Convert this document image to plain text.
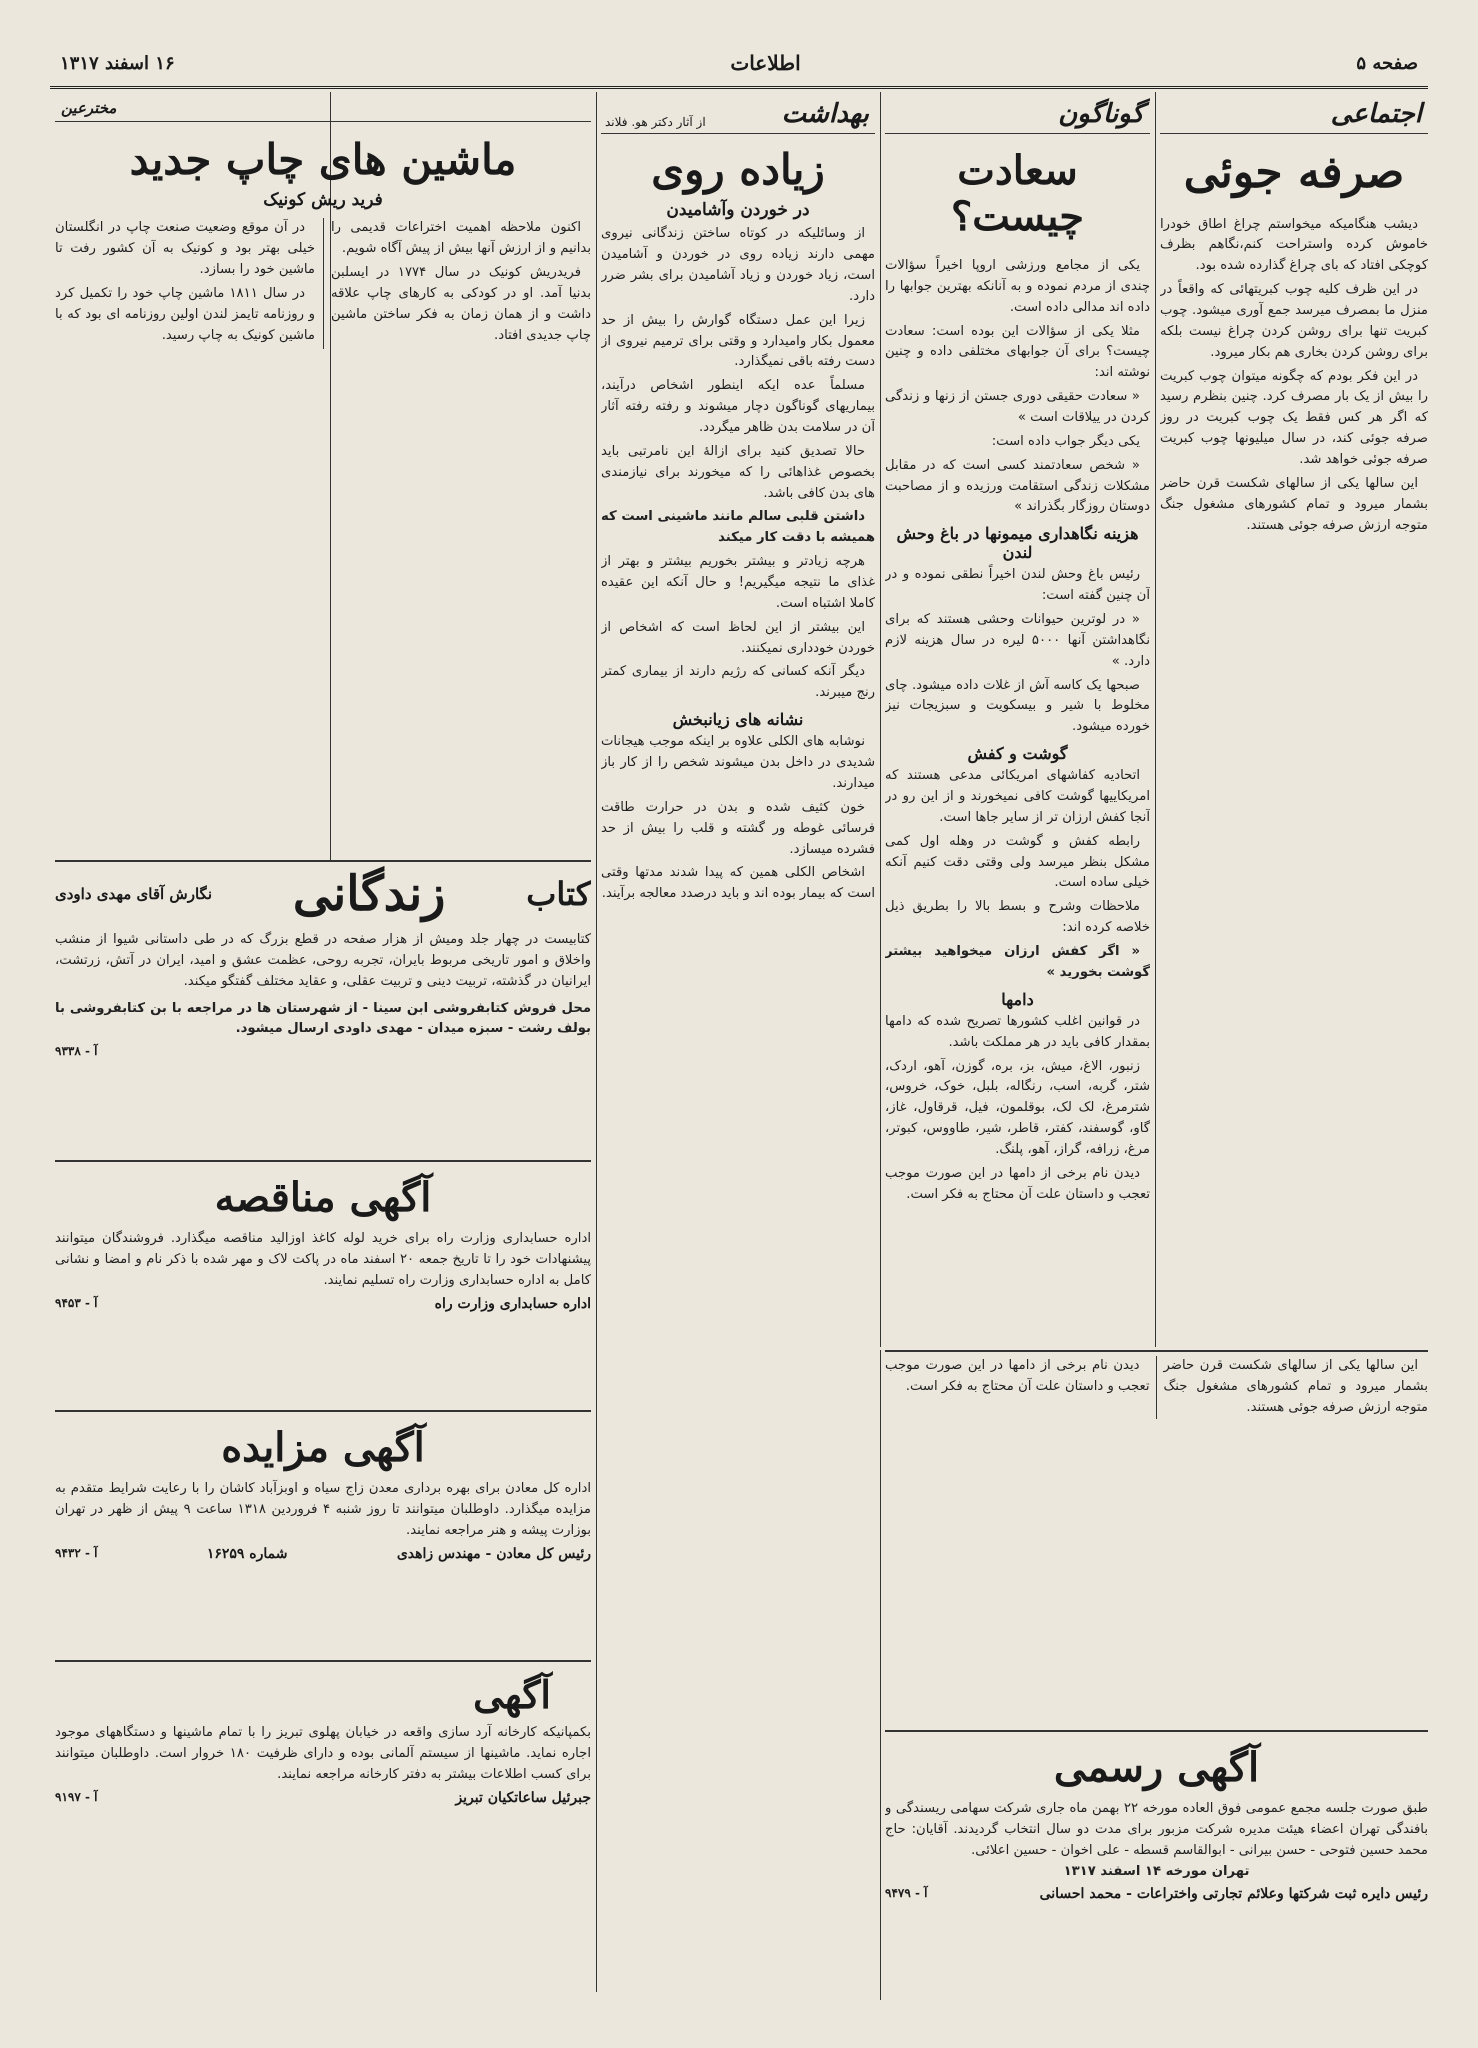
صفحه ۵
اطلاعات
۱۶ اسفند ۱۳۱۷
اجتماعی
صرفه جوئی

دیشب هنگامیکه میخواستم چراغ اطاق خودرا خاموش کرده واستراحت کنم،نگاهم بظرف کوچکی افتاد که بای چراغ گذارده شده بود.

در این ظرف کلیه چوب کبریتهائی که واقعاً در منزل ما بمصرف میرسد جمع آوری میشود. چوب کبریت تنها برای روشن کردن چراغ نیست بلکه برای روشن کردن بخاری هم بکار میرود.

در این فکر بودم که چگونه میتوان چوب کبریت را بیش از یک بار مصرف کرد. چنین بنظرم رسید که اگر هر کس فقط یک چوب کبریت در روز صرفه جوئی کند، در سال میلیونها چوب کبریت صرفه جوئی خواهد شد.

این سالها یکی از سالهای شکست قرن حاضر بشمار میرود و تمام کشورهای مشغول جنگ متوجه ارزش صرفه جوئی هستند.

گوناگون
سعادت چیست؟

یکی از مجامع ورزشی اروپا اخیراً سؤالات چندی از مردم نموده و به آنانکه بهترین جوابها را داده اند مدالی داده است.

مثلا یکی از سؤالات این بوده است: سعادت چیست؟ برای آن جوابهای مختلفی داده و چنین نوشته اند:

« سعادت حقیقی دوری جستن از زنها و زندگی کردن در ییلاقات است »

یکی دیگر جواب داده است:

« شخص سعادتمند کسی است که در مقابل مشکلات زندگی استقامت ورزیده و از مصاحبت دوستان روزگار بگذراند »

هزینه نگاهداری میمونها در باغ وحش لندن

رئیس باغ وحش لندن اخیراً نطقی نموده و در آن چنین گفته است:

« در لوترین حیوانات وحشی هستند که برای نگاهداشتن آنها ۵۰۰۰ لیره در سال هزینه لازم دارد. »

صبحها یک کاسه آش از غلات داده میشود. چای مخلوط با شیر و بیسکویت و سبزیجات نیز خورده میشود.

گوشت و کفش

اتحادیه کفاشهای امریکائی مدعی هستند که امریکاییها گوشت کافی نمیخورند و از این رو در آنجا کفش ارزان تر از سایر جاها است.

رابطه کفش و گوشت در وهله اول کمی مشکل بنظر میرسد ولی وقتی دقت کنیم آنکه خیلی ساده است.

ملاحظات وشرح و بسط بالا را بطریق ذیل خلاصه کرده اند:

« اگر کفش ارزان میخواهید بیشتر گوشت بخورید »

دامها

در قوانین اغلب کشورها تصریح شده که دامها بمقدار کافی باید در هر مملکت باشد.

زنبور، الاغ، میش، بز، بره، گوزن، آهو، اردک، شتر، گربه، اسب، رنگاله، بلبل، خوک، خروس، شترمرغ، لک لک، بوقلمون، فیل، قرقاول، غاز، گاو، گوسفند، کفتر، قاطر، شیر، طاووس، کبوتر، مرغ، زرافه، گراز، آهو، پلنگ.

دیدن نام برخی از دامها در این صورت موجب تعجب و داستان علت آن محتاج به فکر است.

بهداشت
از آثار دکتر هو. فلاند
زیاده روی
در خوردن وآشامیدن

از وسائلیکه در کوتاه ساختن زندگانی نیروی مهمی دارند زیاده روی در خوردن و آشامیدن است، زیاد خوردن و زیاد آشامیدن برای بشر ضرر دارد.

زیرا این عمل دستگاه گوارش را بیش از حد معمول بکار وامیدارد و وقتی برای ترمیم نیروی از دست رفته باقی نمیگذارد.

مسلماً عده ایکه اینطور اشخاص درآیند، بیماریهای گوناگون دچار میشوند و رفته رفته آثار آن در سلامت بدن ظاهر میگردد.

حالا تصدیق کنید برای ازالۀ این نامرتبی باید بخصوص غذاهائی را که میخورند برای نیازمندی های بدن کافی باشد.

داشتن قلبی سالم مانند ماشینی است که همیشه با دقت کار میکند

هرچه زیادتر و بیشتر بخوریم بیشتر و بهتر از غذای ما نتیجه میگیریم! و حال آنکه این عقیده کاملا اشتباه است.

این بیشتر از این لحاظ است که اشخاص از خوردن خودداری نمیکنند.

دیگر آنکه کسانی که رژیم دارند از بیماری کمتر رنج میبرند.

نشانه های زیانبخش

نوشابه های الکلی علاوه بر اینکه موجب هیجانات شدیدی در داخل بدن میشوند شخص را از کار باز میدارند.

خون کثیف شده و بدن در حرارت طاقت فرسائی غوطه ور گشته و قلب را بیش از حد فشرده میسازد.

اشخاص الکلی همین که پیدا شدند مدتها وقتی است که بیمار بوده اند و باید درصدد معالجه برآیند.

مخترعین
ماشین های چاپ جدید
فرید ریش کونیک

اکنون ملاحظه اهمیت اختراعات قدیمی را بدانیم و از ارزش آنها بیش از پیش آگاه شویم.

فریدریش کونیک در سال ۱۷۷۴ در ایسلبن بدنیا آمد. او در کودکی به کارهای چاپ علاقه داشت و از همان زمان به فکر ساختن ماشین چاپ جدیدی افتاد.

در آن موقع وضعیت صنعت چاپ در انگلستان خیلی بهتر بود و کونیک به آن کشور رفت تا ماشین خود را بسازد.

در سال ۱۸۱۱ ماشین چاپ خود را تکمیل کرد و روزنامه تایمز لندن اولین روزنامه ای بود که با ماشین کونیک به چاپ رسید.

کتاب
زندگانی
نگارش آقای مهدی داودی
کتابیست در چهار جلد ومیش از هزار صفحه در قطع بزرگ که در طی داستانی شیوا از منشب واخلاق و امور تاریخی مربوط بایران، تجربه روحی، عظمت عشق و امید، ایران در آتش، زرتشت، ایرانیان در گذشته، تربیت دینی و تربیت عقلی، و عقاید مختلف گفتگو میکند.
محل فروش کتابفروشی ابن سینا - از شهرستان ها در مراجعه با بن کتابفروشی با بولف رشت - سبزه میدان - مهدی داودی ارسال میشود.
آ - ۹۳۳۸
آگهی مناقصه
اداره حسابداری وزارت راه برای خرید لوله کاغذ اوزالید مناقصه میگذارد. فروشندگان میتوانند پیشنهادات خود را تا تاریخ جمعه ۲۰ اسفند ماه در پاکت لاک و مهر شده با ذکر نام و امضا و نشانی کامل به اداره حسابداری وزارت راه تسلیم نمایند.
اداره حسابداری وزارت راه
آ - ۹۴۵۳
آگهی مزایده
اداره کل معادن برای بهره برداری معدن زاج سیاه و اوبزآباد کاشان را با رعایت شرایط متقدم به مزایده میگذارد. داوطلبان میتوانند تا روز شنبه ۴ فروردین ۱۳۱۸ ساعت ۹ پیش از ظهر در تهران بوزارت پیشه و هنر مراجعه نمایند.
رئیس کل معادن - مهندس زاهدی
شماره ۱۶۲۵۹
آ - ۹۴۳۲
آگهی
بکمپانیکه کارخانه آرد سازی واقعه در خیابان پهلوی تبریز را با تمام ماشینها و دستگاههای موجود اجاره نماید. ماشینها از سیستم آلمانی بوده و دارای ظرفیت ۱۸۰ خروار است. داوطلبان میتوانند برای کسب اطلاعات بیشتر به دفتر کارخانه مراجعه نمایند.
جبرئیل ساعاتکیان تبریز
آ - ۹۱۹۷
آگهی رسمی
طبق صورت جلسه مجمع عمومی فوق العاده مورخه ۲۲ بهمن ماه جاری شرکت سهامی ریسندگی و بافندگی تهران اعضاء هیئت مدیره شرکت مزبور برای مدت دو سال انتخاب گردیدند. آقایان: حاج محمد حسین فتوحی - حسن بیرانی - ابوالقاسم قسطه - علی اخوان - حسین اعلائی.
تهران مورخه ۱۴ اسفند ۱۳۱۷
رئیس دایره ثبت شرکتها وعلائم تجارتی واختراعات - محمد احسانی
آ - ۹۴۷۹

این سالها یکی از سالهای شکست قرن حاضر بشمار میرود و تمام کشورهای مشغول جنگ متوجه ارزش صرفه جوئی هستند.

دیدن نام برخی از دامها در این صورت موجب تعجب و داستان علت آن محتاج به فکر است.
